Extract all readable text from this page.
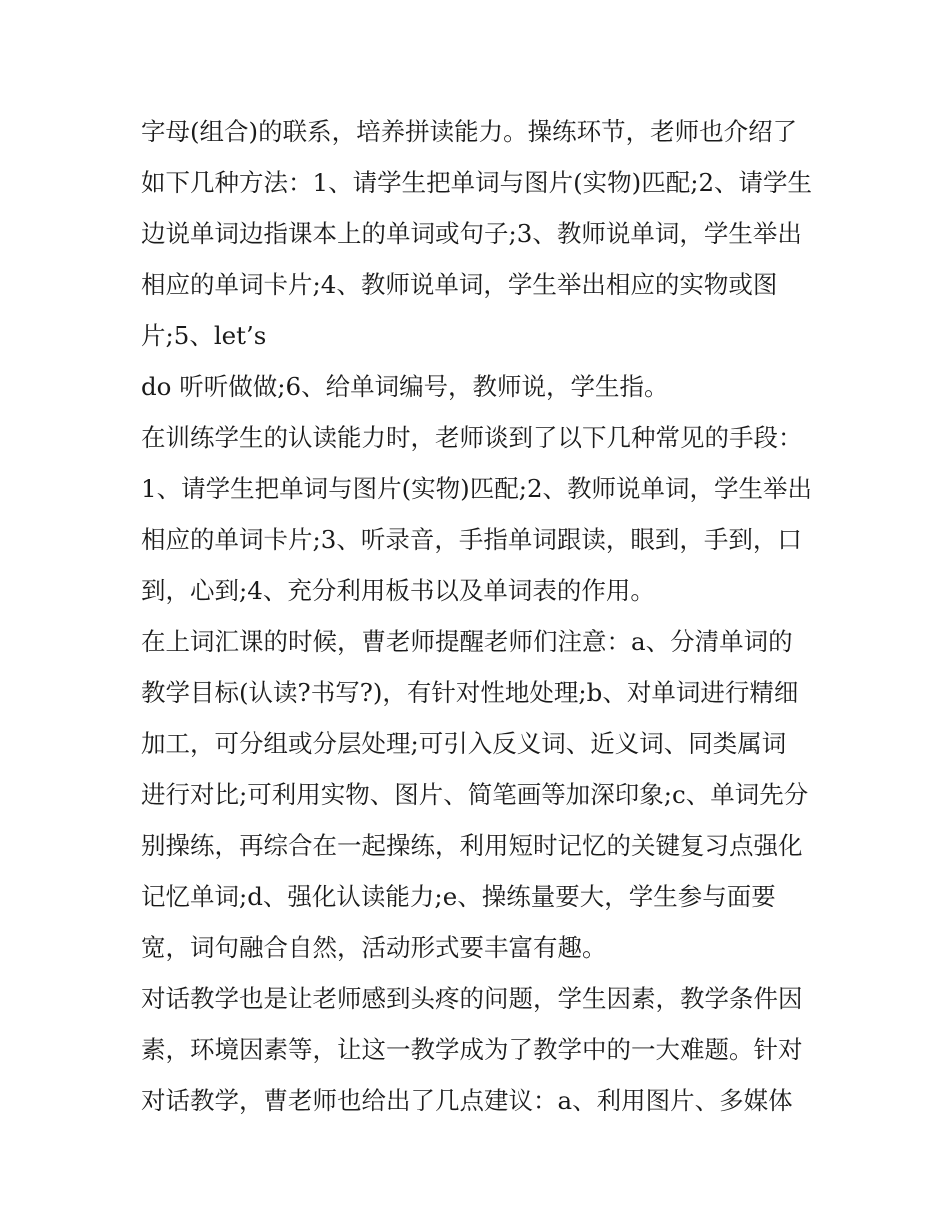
字母(组合)的联系，培养拼读能力。操练环节，老师也介绍了
如下几种方法：1、请学生把单词与图片(实物)匹配;2、请学生
边说单词边指课本上的单词或句子;3、教师说单词，学生举出
相应的单词卡片;4、教师说单词，学生举出相应的实物或图
片;5、let’s
do 听听做做;6、给单词编号，教师说，学生指。
在训练学生的认读能力时，老师谈到了以下几种常见的手段：
1、请学生把单词与图片(实物)匹配;2、教师说单词，学生举出
相应的单词卡片;3、听录音，手指单词跟读，眼到，手到，口
到，心到;4、充分利用板书以及单词表的作用。
在上词汇课的时候，曹老师提醒老师们注意：a、分清单词的
教学目标(认读?书写?)，有针对性地处理;b、对单词进行精细
加工，可分组或分层处理;可引入反义词、近义词、同类属词
进行对比;可利用实物、图片、简笔画等加深印象;c、单词先分
别操练，再综合在一起操练，利用短时记忆的关键复习点强化
记忆单词;d、强化认读能力;e、操练量要大，学生参与面要
宽，词句融合自然，活动形式要丰富有趣。
对话教学也是让老师感到头疼的问题，学生因素，教学条件因
素，环境因素等，让这一教学成为了教学中的一大难题。针对
对话教学，曹老师也给出了几点建议：a、利用图片、多媒体
